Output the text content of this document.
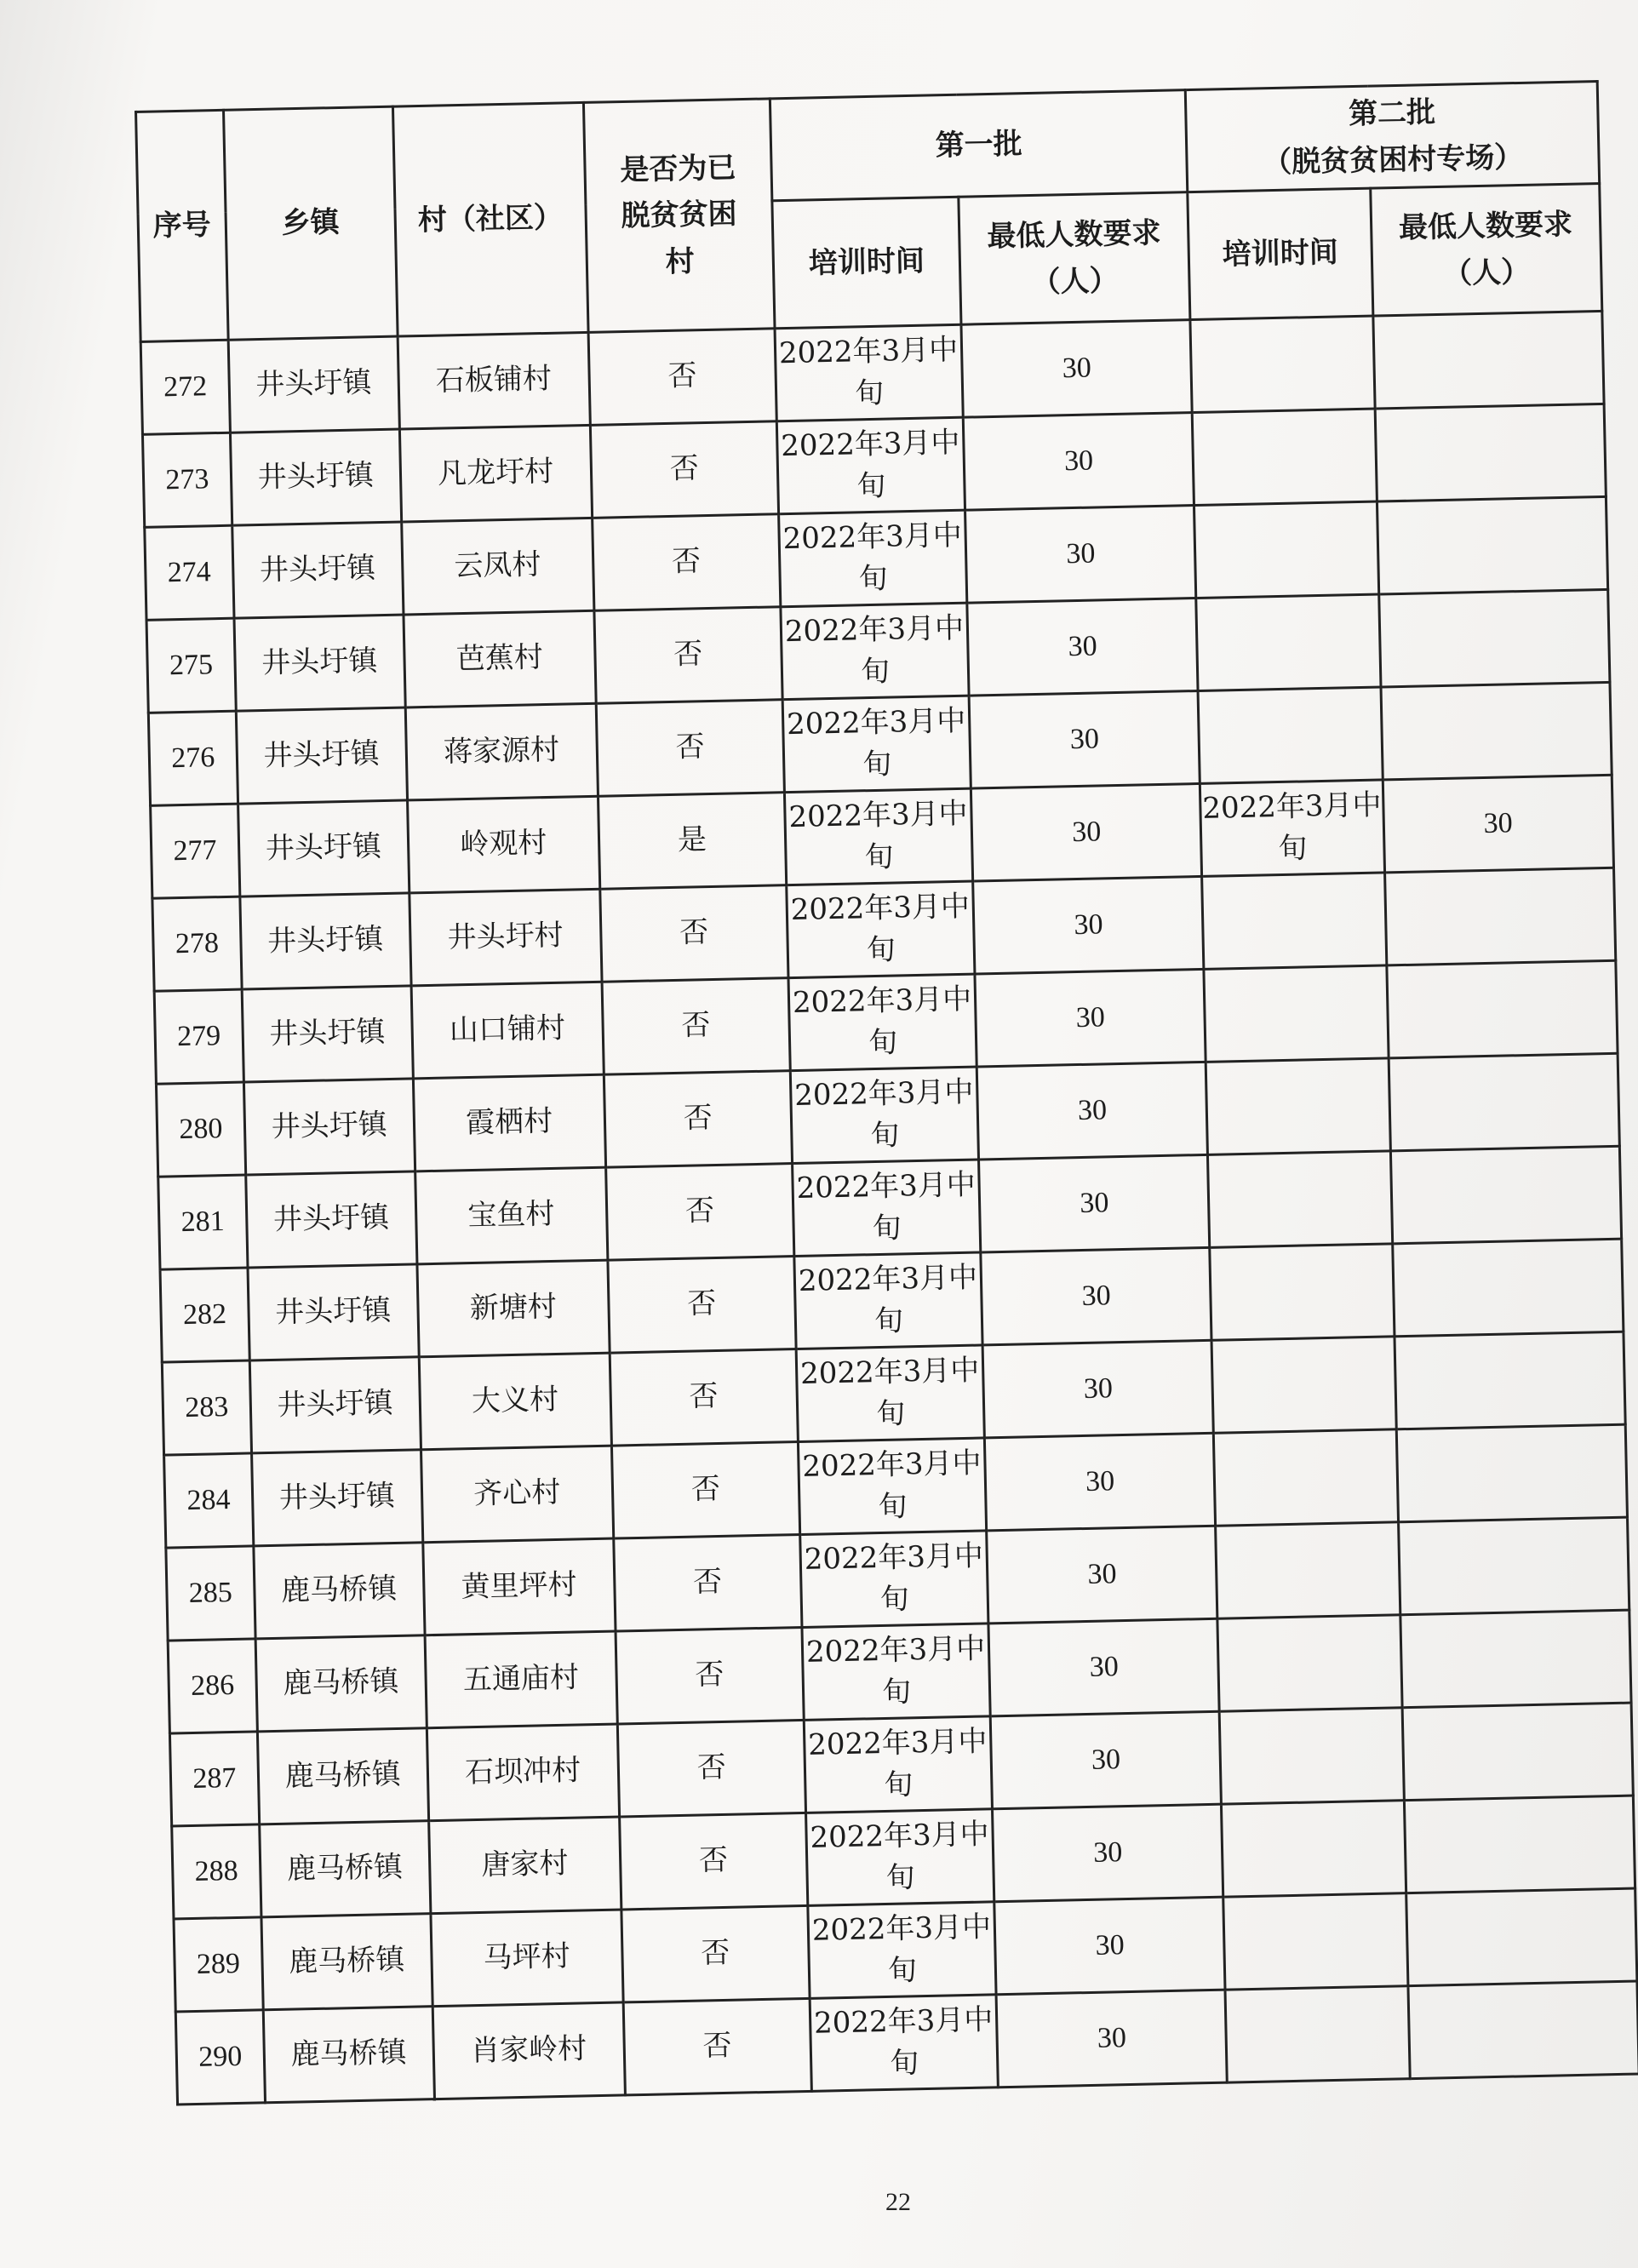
序号	乡镇	村（社区）	是否为已脱贫贫困村	第一批		第二批
（脱贫贫困村专场）	

				培训时间	最低人数要求（人）	培训时间	最低人数要求（人）
272	井头圩镇	石板铺村	否	2022年3月中旬	30		
273	井头圩镇	凡龙圩村	否	2022年3月中旬	30		
274	井头圩镇	云凤村	否	2022年3月中旬	30		
275	井头圩镇	芭蕉村	否	2022年3月中旬	30		
276	井头圩镇	蒋家源村	否	2022年3月中旬	30		
277	井头圩镇	岭观村	是	2022年3月中旬	30	2022年3月中旬	30
278	井头圩镇	井头圩村	否	2022年3月中旬	30		
279	井头圩镇	山口铺村	否	2022年3月中旬	30		
280	井头圩镇	霞栖村	否	2022年3月中旬	30		
281	井头圩镇	宝鱼村	否	2022年3月中旬	30		
282	井头圩镇	新塘村	否	2022年3月中旬	30		
283	井头圩镇	大义村	否	2022年3月中旬	30		
284	井头圩镇	齐心村	否	2022年3月中旬	30		
285	鹿马桥镇	黄里坪村	否	2022年3月中旬	30		
286	鹿马桥镇	五通庙村	否	2022年3月中旬	30		
287	鹿马桥镇	石坝冲村	否	2022年3月中旬	30		
288	鹿马桥镇	唐家村	否	2022年3月中旬	30		
289	鹿马桥镇	马坪村	否	2022年3月中旬	30		
290	鹿马桥镇	肖家岭村	否	2022年3月中旬	30		
22
